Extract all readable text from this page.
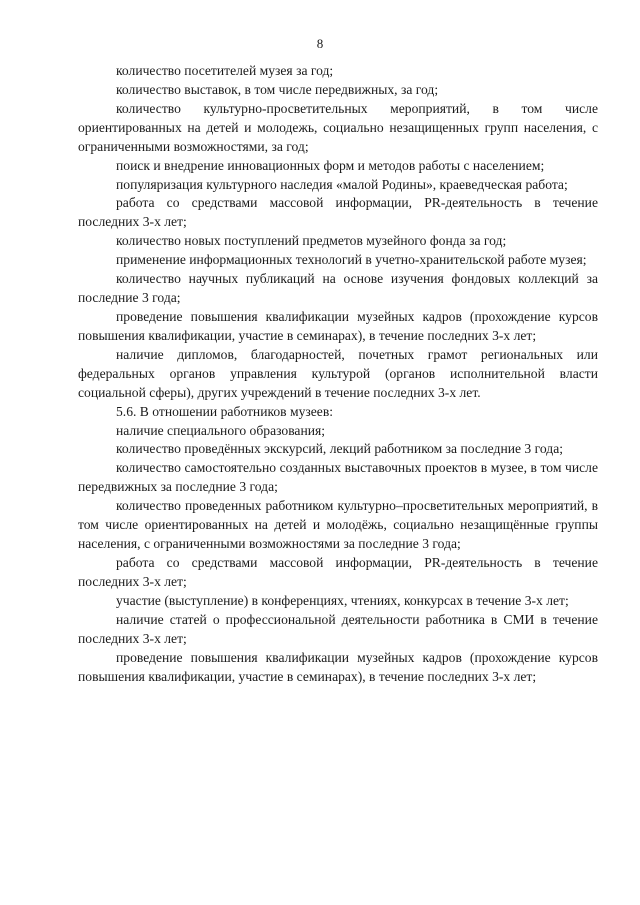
8

количество посетителей музея за год;

количество выставок, в том числе передвижных, за год;

количество культурно-просветительных мероприятий, в том числе ориентированных на детей и молодежь, социально незащищенных групп населения, с ограниченными возможностями, за год;

поиск и внедрение инновационных форм и методов работы с населением;

популяризация культурного наследия «малой Родины», краеведческая работа;

работа со средствами массовой информации, PR-деятельность в течение последних 3-х лет;

количество новых поступлений предметов музейного фонда за год;

применение информационных технологий в учетно-хранительской работе музея;

количество научных публикаций на основе изучения фондовых коллекций за последние 3 года;

проведение повышения квалификации музейных кадров (прохождение курсов повышения квалификации, участие в семинарах), в течение последних 3-х лет;

наличие дипломов, благодарностей, почетных грамот региональных или федеральных органов управления культурой (органов исполнительной власти социальной сферы), других учреждений в течение последних 3-х лет.

5.6. В отношении работников музеев:

наличие специального образования;

количество проведённых экскурсий, лекций работником за последние 3 года;

количество самостоятельно созданных выставочных проектов в музее, в том числе передвижных за последние 3 года;

количество проведенных работником культурно–просветительных мероприятий, в том числе ориентированных на детей и молодёжь, социально незащищённые группы населения, с ограниченными возможностями за последние 3 года;

работа со средствами массовой информации, PR-деятельность в течение последних 3-х лет;

участие (выступление) в конференциях, чтениях, конкурсах в течение 3-х лет;

наличие статей о профессиональной деятельности работника в СМИ в течение последних 3-х лет;

проведение повышения квалификации музейных кадров (прохождение курсов повышения квалификации, участие в семинарах), в течение последних 3-х лет;
